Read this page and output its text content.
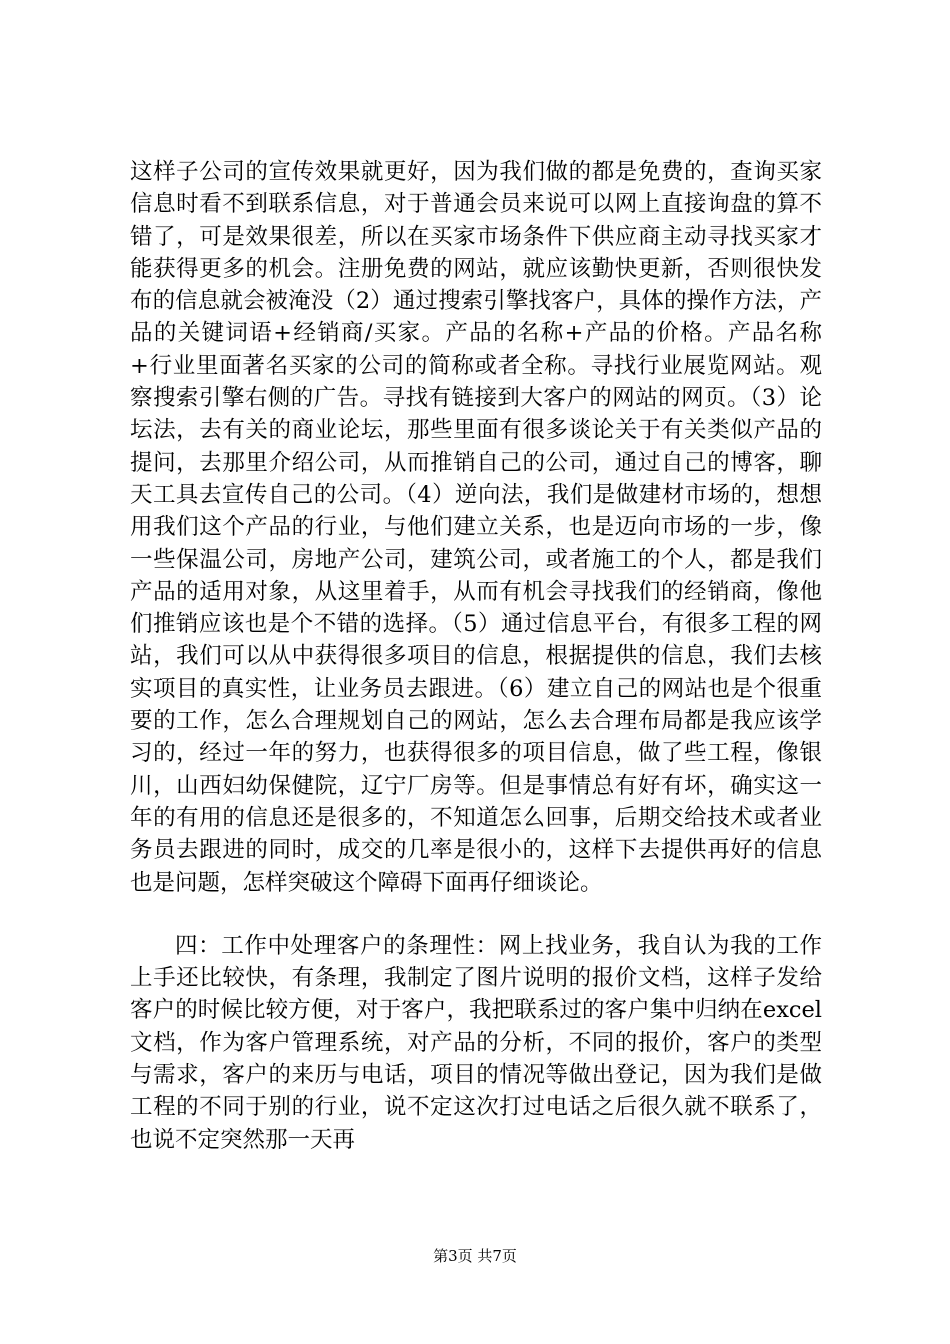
这样子公司的宣传效果就更好，因为我们做的都是免费的，查询买家信息时看不到联系信息，对于普通会员来说可以网上直接询盘的算不错了，可是效果很差，所以在买家市场条件下供应商主动寻找买家才能获得更多的机会。注册免费的网站，就应该勤快更新，否则很快发布的信息就会被淹没（2）通过搜索引擎找客户，具体的操作方法，产品的关键词语+经销商/买家。产品的名称+产品的价格。产品名称+行业里面著名买家的公司的简称或者全称。寻找行业展览网站。观察搜索引擎右侧的广告。寻找有链接到大客户的网站的网页。（3）论坛法，去有关的商业论坛，那些里面有很多谈论关于有关类似产品的提问，去那里介绍公司，从而推销自己的公司，通过自己的博客，聊天工具去宣传自己的公司。（4）逆向法，我们是做建材市场的，想想用我们这个产品的行业，与他们建立关系，也是迈向市场的一步，像一些保温公司，房地产公司，建筑公司，或者施工的个人，都是我们产品的适用对象，从这里着手，从而有机会寻找我们的经销商，像他们推销应该也是个不错的选择。（5）通过信息平台，有很多工程的网站，我们可以从中获得很多项目的信息，根据提供的信息，我们去核实项目的真实性，让业务员去跟进。（6）建立自己的网站也是个很重要的工作，怎么合理规划自己的网站，怎么去合理布局都是我应该学习的，经过一年的努力，也获得很多的项目信息，做了些工程，像银川，山西妇幼保健院，辽宁厂房等。但是事情总有好有坏，确实这一年的有用的信息还是很多的，不知道怎么回事，后期交给技术或者业务员去跟进的同时，成交的几率是很小的，这样下去提供再好的信息也是问题，怎样突破这个障碍下面再仔细谈论。

四：工作中处理客户的条理性：网上找业务，我自认为我的工作上手还比较快，有条理，我制定了图片说明的报价文档，这样子发给客户的时候比较方便，对于客户，我把联系过的客户集中归纳在excel文档，作为客户管理系统，对产品的分析，不同的报价，客户的类型与需求，客户的来历与电话，项目的情况等做出登记，因为我们是做工程的不同于别的行业，说不定这次打过电话之后很久就不联系了，也说不定突然那一天再

第3页 共7页
